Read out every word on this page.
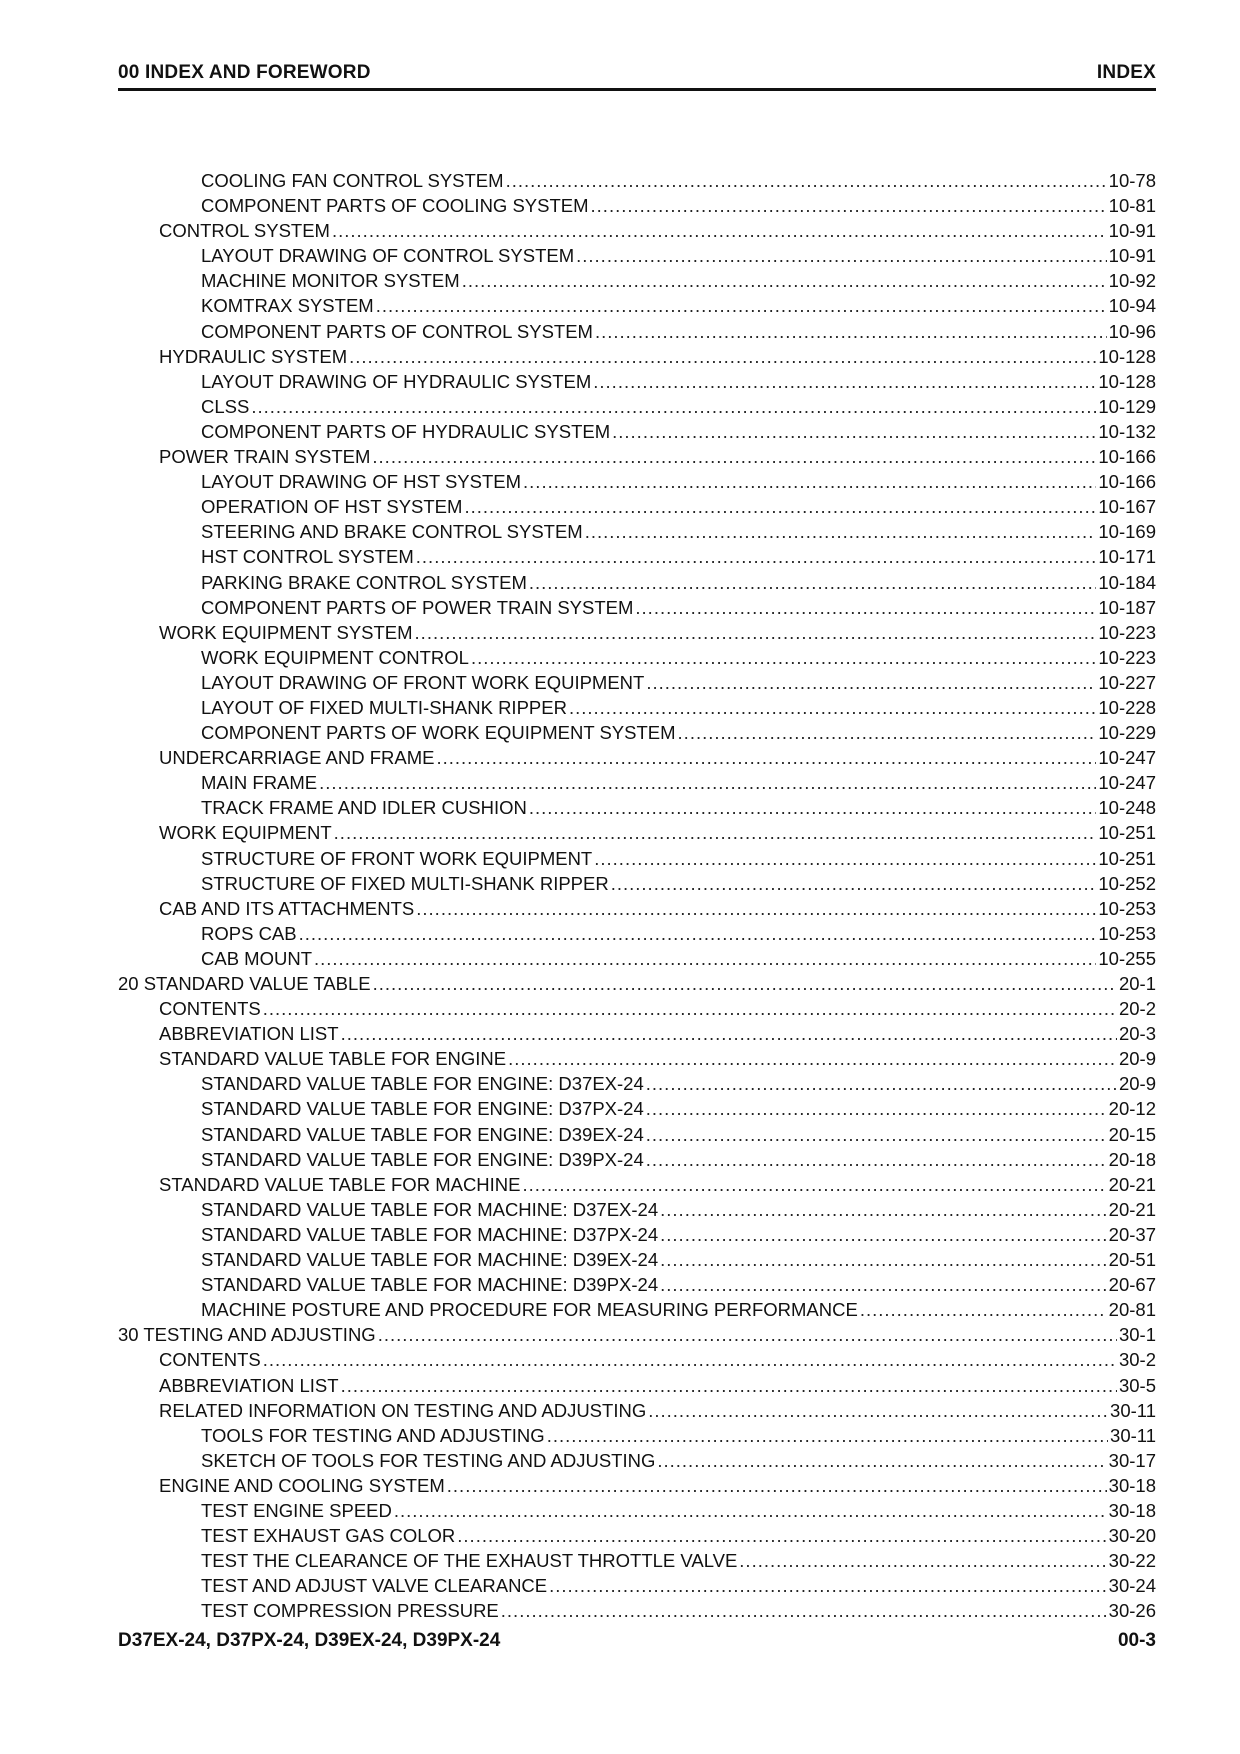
00 INDEX AND FOREWORD	INDEX
COOLING FAN CONTROL SYSTEM .....	10-78
COMPONENT PARTS OF COOLING SYSTEM .....	10-81
CONTROL SYSTEM .....	10-91
LAYOUT DRAWING OF CONTROL SYSTEM .....	10-91
MACHINE MONITOR SYSTEM .....	10-92
KOMTRAX SYSTEM .....	10-94
COMPONENT PARTS OF CONTROL SYSTEM .....	10-96
HYDRAULIC SYSTEM .....	10-128
LAYOUT DRAWING OF HYDRAULIC SYSTEM .....	10-128
CLSS .....	10-129
COMPONENT PARTS OF HYDRAULIC SYSTEM .....	10-132
POWER TRAIN SYSTEM .....	10-166
LAYOUT DRAWING OF HST SYSTEM .....	10-166
OPERATION OF HST SYSTEM .....	10-167
STEERING AND BRAKE CONTROL SYSTEM .....	10-169
HST CONTROL SYSTEM .....	10-171
PARKING BRAKE CONTROL SYSTEM .....	10-184
COMPONENT PARTS OF POWER TRAIN SYSTEM .....	10-187
WORK EQUIPMENT SYSTEM .....	10-223
WORK EQUIPMENT CONTROL .....	10-223
LAYOUT DRAWING OF FRONT WORK EQUIPMENT .....	10-227
LAYOUT OF FIXED MULTI-SHANK RIPPER .....	10-228
COMPONENT PARTS OF WORK EQUIPMENT SYSTEM .....	10-229
UNDERCARRIAGE AND FRAME .....	10-247
MAIN FRAME .....	10-247
TRACK FRAME AND IDLER CUSHION .....	10-248
WORK EQUIPMENT .....	10-251
STRUCTURE OF FRONT WORK EQUIPMENT .....	10-251
STRUCTURE OF FIXED MULTI-SHANK RIPPER .....	10-252
CAB AND ITS ATTACHMENTS .....	10-253
ROPS CAB .....	10-253
CAB MOUNT .....	10-255
20 STANDARD VALUE TABLE .....	20-1
CONTENTS .....	20-2
ABBREVIATION LIST .....	20-3
STANDARD VALUE TABLE FOR ENGINE .....	20-9
STANDARD VALUE TABLE FOR ENGINE: D37EX-24 .....	20-9
STANDARD VALUE TABLE FOR ENGINE: D37PX-24 .....	20-12
STANDARD VALUE TABLE FOR ENGINE: D39EX-24 .....	20-15
STANDARD VALUE TABLE FOR ENGINE: D39PX-24 .....	20-18
STANDARD VALUE TABLE FOR MACHINE .....	20-21
STANDARD VALUE TABLE FOR MACHINE: D37EX-24 .....	20-21
STANDARD VALUE TABLE FOR MACHINE: D37PX-24 .....	20-37
STANDARD VALUE TABLE FOR MACHINE: D39EX-24 .....	20-51
STANDARD VALUE TABLE FOR MACHINE: D39PX-24 .....	20-67
MACHINE POSTURE AND PROCEDURE FOR MEASURING PERFORMANCE .....	20-81
30 TESTING AND ADJUSTING .....	30-1
CONTENTS .....	30-2
ABBREVIATION LIST .....	30-5
RELATED INFORMATION ON TESTING AND ADJUSTING .....	30-11
TOOLS FOR TESTING AND ADJUSTING .....	30-11
SKETCH OF TOOLS FOR TESTING AND ADJUSTING .....	30-17
ENGINE AND COOLING SYSTEM .....	30-18
TEST ENGINE SPEED .....	30-18
TEST EXHAUST GAS COLOR .....	30-20
TEST THE CLEARANCE OF THE EXHAUST THROTTLE VALVE .....	30-22
TEST AND ADJUST VALVE CLEARANCE .....	30-24
TEST COMPRESSION PRESSURE .....	30-26
D37EX-24, D37PX-24, D39EX-24, D39PX-24	00-3
